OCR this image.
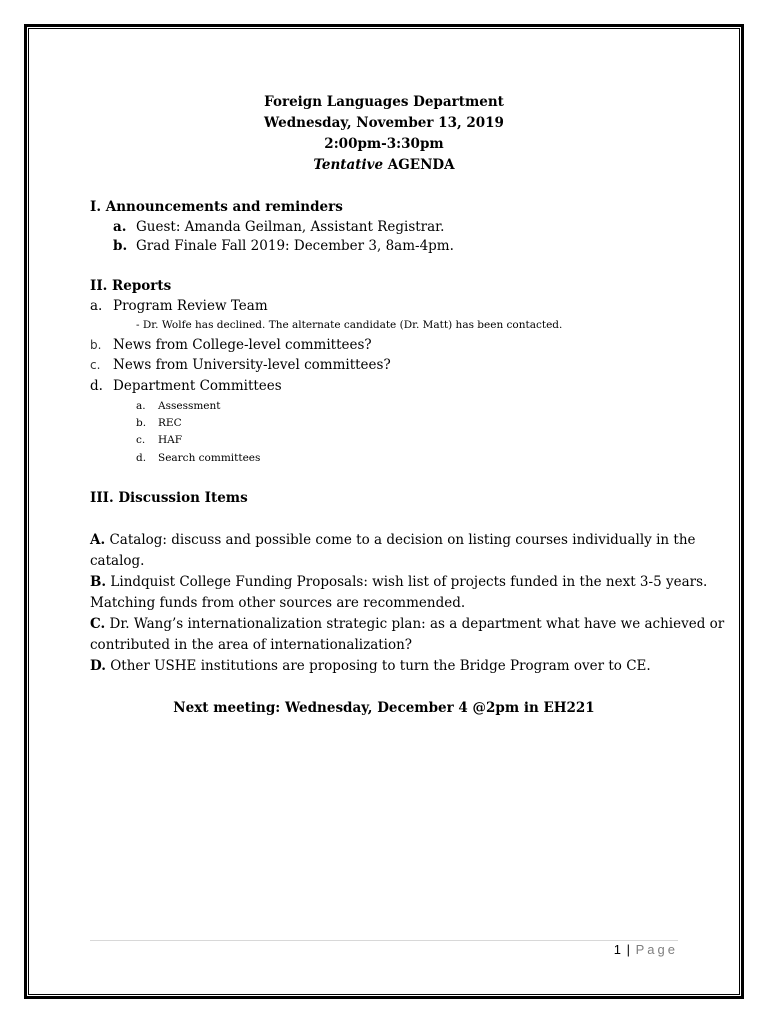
Foreign Languages Department
Wednesday, November 13, 2019
2:00pm-3:30pm
Tentative AGENDA
I. Announcements and reminders
a. Guest: Amanda Geilman, Assistant Registrar.
b. Grad Finale Fall 2019: December 3, 8am-4pm.
II. Reports
a. Program Review Team
- Dr. Wolfe has declined. The alternate candidate (Dr. Matt) has been contacted.
b. News from College-level committees?
c. News from University-level committees?
d. Department Committees
a. Assessment
b. REC
c. HAF
d. Search committees
III. Discussion Items
A. Catalog: discuss and possible come to a decision on listing courses individually in the
catalog.
B. Lindquist College Funding Proposals: wish list of projects funded in the next 3-5 years.
Matching funds from other sources are recommended.
C. Dr. Wang’s internationalization strategic plan: as a department what have we achieved or
contributed in the area of internationalization?
D. Other USHE institutions are proposing to turn the Bridge Program over to CE.
Next meeting: Wednesday, December 4 @2pm in EH221
1 | Page
